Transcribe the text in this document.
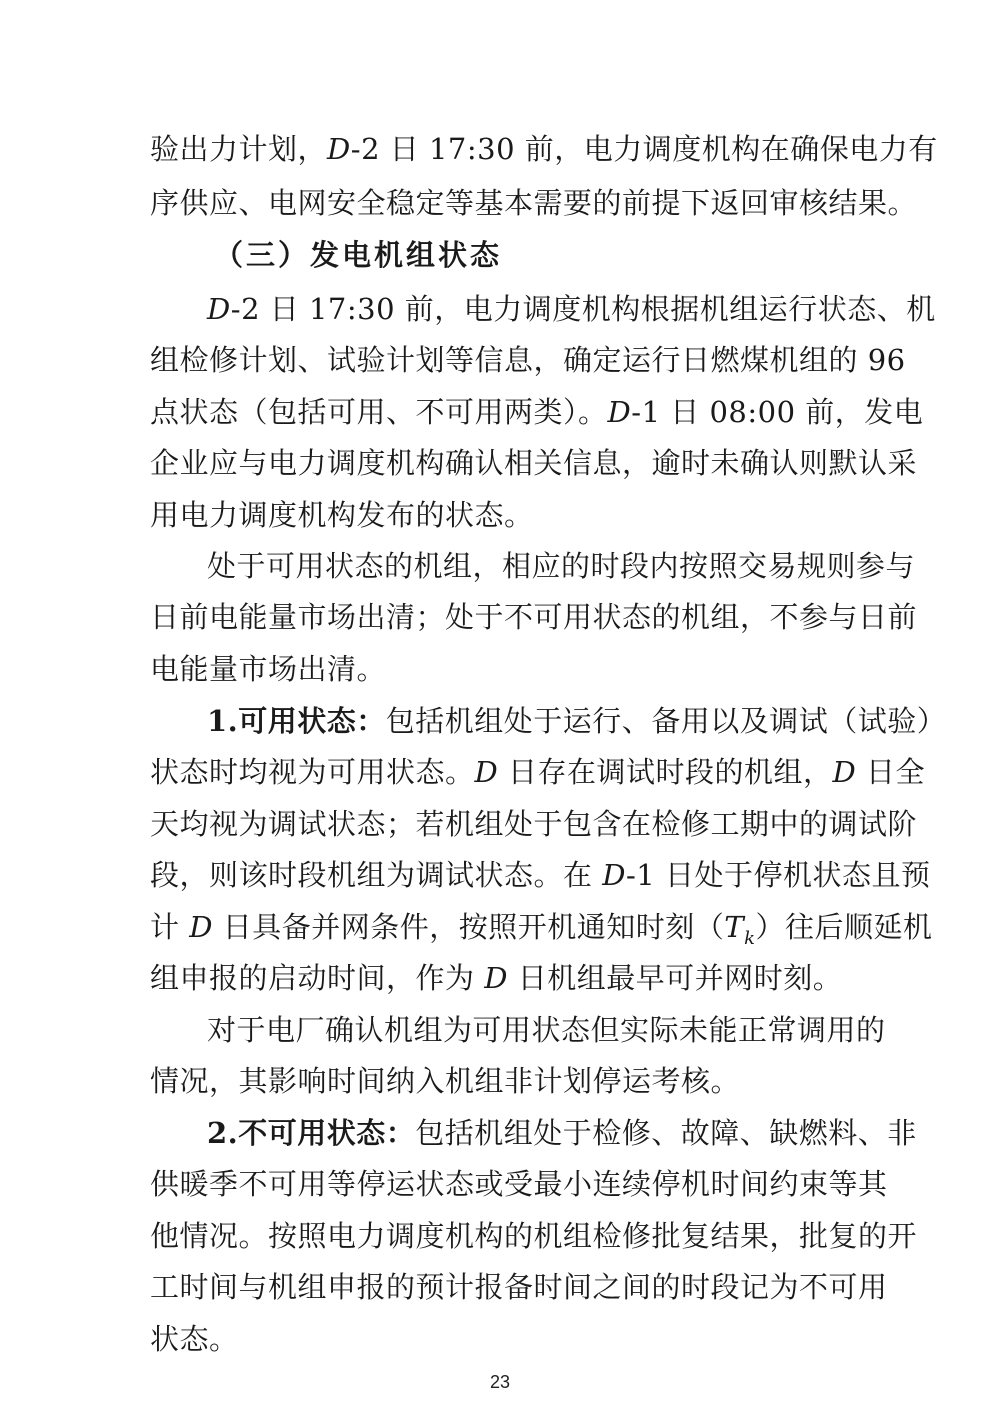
验出力计划，D-2 日 17:30 前，电力调度机构在确保电力有
序供应、电网安全稳定等基本需要的前提下返回审核结果。
（三）发电机组状态
D-2 日 17:30 前，电力调度机构根据机组运行状态、机
组检修计划、试验计划等信息，确定运行日燃煤机组的 96
点状态（包括可用、不可用两类）。D-1 日 08:00 前，发电
企业应与电力调度机构确认相关信息，逾时未确认则默认采
用电力调度机构发布的状态。
处于可用状态的机组，相应的时段内按照交易规则参与
日前电能量市场出清；处于不可用状态的机组，不参与日前
电能量市场出清。
1.可用状态：包括机组处于运行、备用以及调试（试验）
状态时均视为可用状态。D 日存在调试时段的机组，D 日全
天均视为调试状态；若机组处于包含在检修工期中的调试阶
段，则该时段机组为调试状态。在 D-1 日处于停机状态且预
计 D 日具备并网条件，按照开机通知时刻$(T_k)$往后顺延机
组申报的启动时间，作为 D 日机组最早可并网时刻。
对于电厂确认机组为可用状态但实际未能正常调用的
情况，其影响时间纳入机组非计划停运考核。
2.不可用状态：包括机组处于检修、故障、缺燃料、非
供暖季不可用等停运状态或受最小连续停机时间约束等其
他情况。按照电力调度机构的机组检修批复结果，批复的开
工时间与机组申报的预计报备时间之间的时段记为不可用
状态。
23
